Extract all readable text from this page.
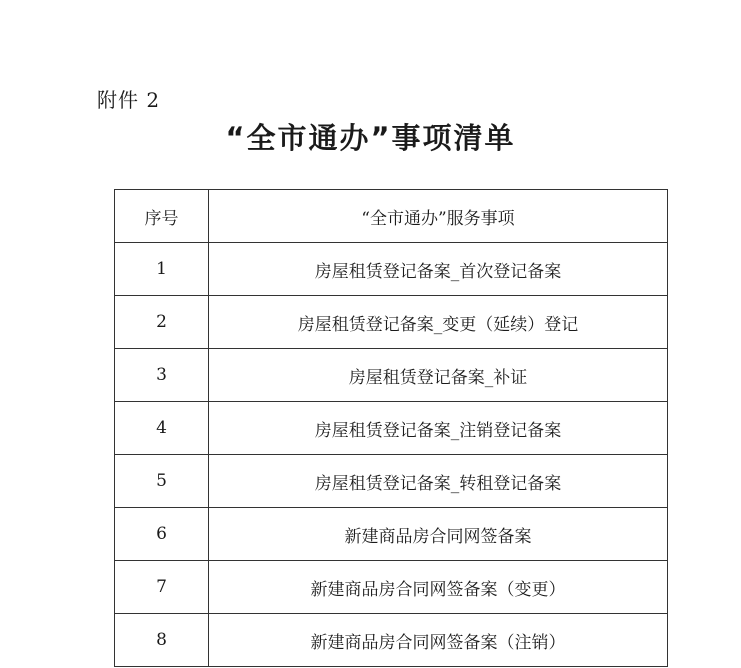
附件 2
“全市通办”事项清单
序号	“全市通办”服务事项
1	房屋租赁登记备案_首次登记备案
2	房屋租赁登记备案_变更（延续）登记
3	房屋租赁登记备案_补证
4	房屋租赁登记备案_注销登记备案
5	房屋租赁登记备案_转租登记备案
6	新建商品房合同网签备案
7	新建商品房合同网签备案（变更）
8	新建商品房合同网签备案（注销）
